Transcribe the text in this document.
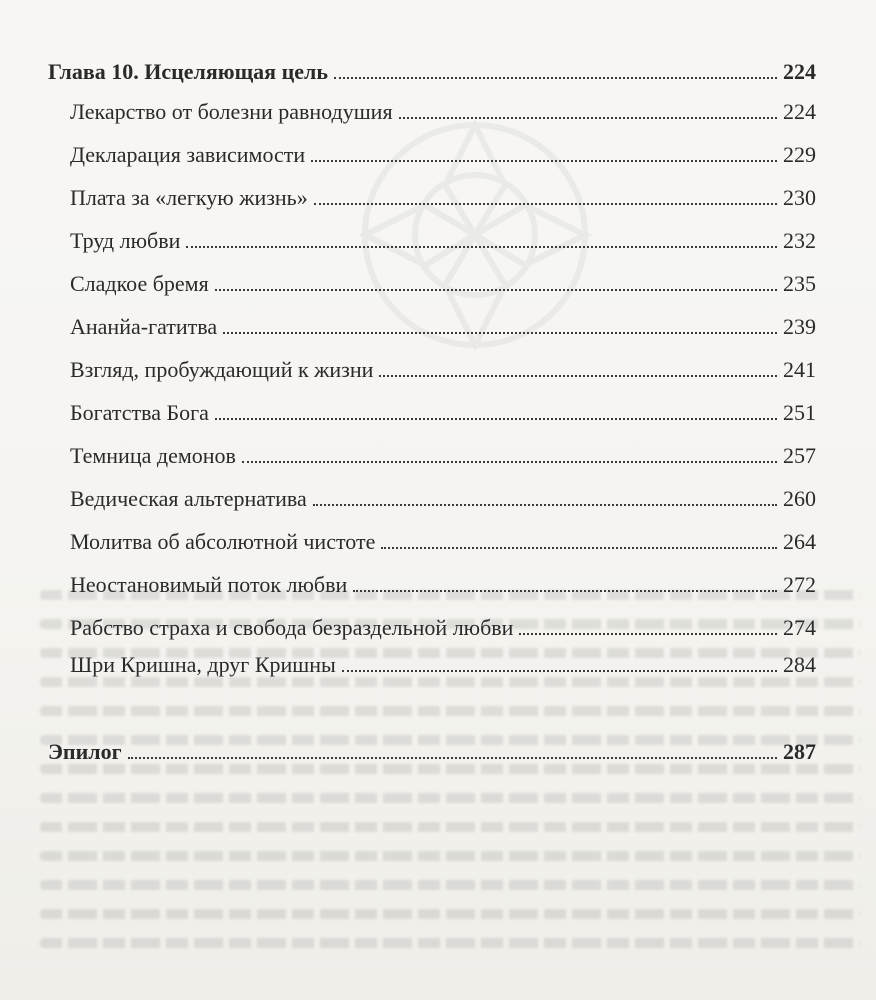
Глава 10. Исцеляющая цель	224
Лекарство от болезни равнодушия	224
Декларация зависимости	229
Плата за «легкую жизнь»	230
Труд любви	232
Сладкое бремя	235
Ананйа-гатитва	239
Взгляд, пробуждающий к жизни	241
Богатства Бога	251
Темница демонов	257
Ведическая альтернатива	260
Молитва об абсолютной чистоте	264
Неостановимый поток любви	272
Рабство страха и свобода безраздельной любви	274
Шри Кришна, друг Кришны	284
Эпилог	287
